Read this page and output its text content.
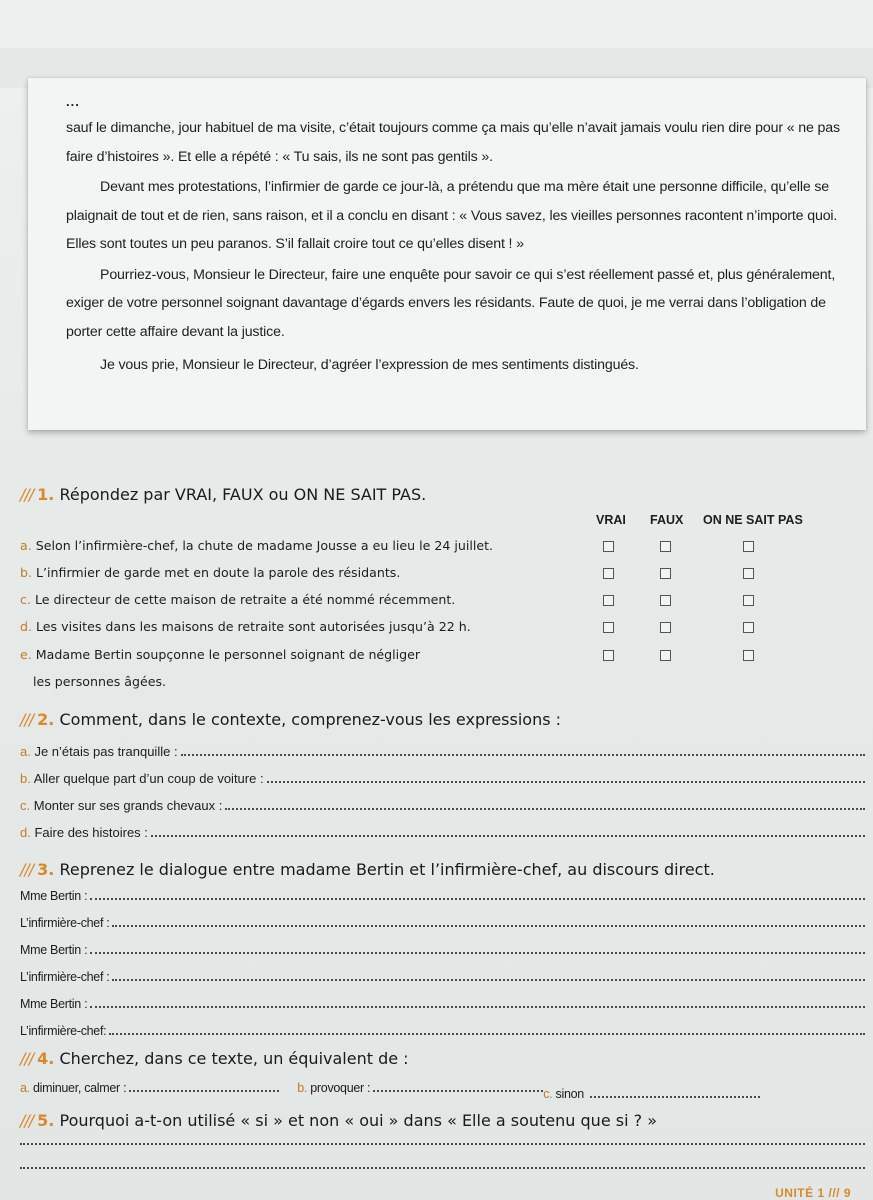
...

sauf le dimanche, jour habituel de ma visite, c’était toujours comme ça mais qu’elle n’avait jamais voulu rien dire pour « ne pas faire d’histoires ». Et elle a répété : « Tu sais, ils ne sont pas gentils ».

Devant mes protestations, l’infirmier de garde ce jour-là, a prétendu que ma mère était une personne difficile, qu’elle se plaignait de tout et de rien, sans raison, et il a conclu en disant : « Vous savez, les vieilles personnes racontent n’importe quoi. Elles sont toutes un peu paranos. S’il fallait croire tout ce qu’elles disent ! »

Pourriez-vous, Monsieur le Directeur, faire une enquête pour savoir ce qui s’est réellement passé et, plus généralement, exiger de votre personnel soignant davantage d’égards envers les résidants. Faute de quoi, je me verrai dans l’obligation de porter cette affaire devant la justice.

Je vous prie, Monsieur le Directeur, d’agréer l’expression de mes sentiments distingués.

/// 1. Répondez par VRAI, FAUX ou ON NE SAIT PAS.
VRAI	FAUX	ON NE SAIT PAS
a. Selon l’infirmière-chef, la chute de madame Jousse a eu lieu le 24 juillet.
b. L’infirmier de garde met en doute la parole des résidants.
c. Le directeur de cette maison de retraite a été nommé récemment.
d. Les visites dans les maisons de retraite sont autorisées jusqu’à 22 h.
e. Madame Bertin soupçonne le personnel soignant de négliger
les personnes âgées.
/// 2. Comment, dans le contexte, comprenez-vous les expressions :
a. Je n’étais pas tranquille :
b. Aller quelque part d’un coup de voiture :
c. Monter sur ses grands chevaux :
d. Faire des histoires :
/// 3. Reprenez le dialogue entre madame Bertin et l’infirmière-chef, au discours direct.
Mme Bertin :
L’infirmière-chef :
Mme Bertin :
L’infirmière-chef :
Mme Bertin :
L’infirmière-chef:
/// 4. Cherchez, dans ce texte, un équivalent de :
a. diminuer, calmer :	b. provoquer :	c. sinon
/// 5. Pourquoi a-t-on utilisé « si » et non « oui » dans « Elle a soutenu que si ? »
UNITÉ 1 /// 9
